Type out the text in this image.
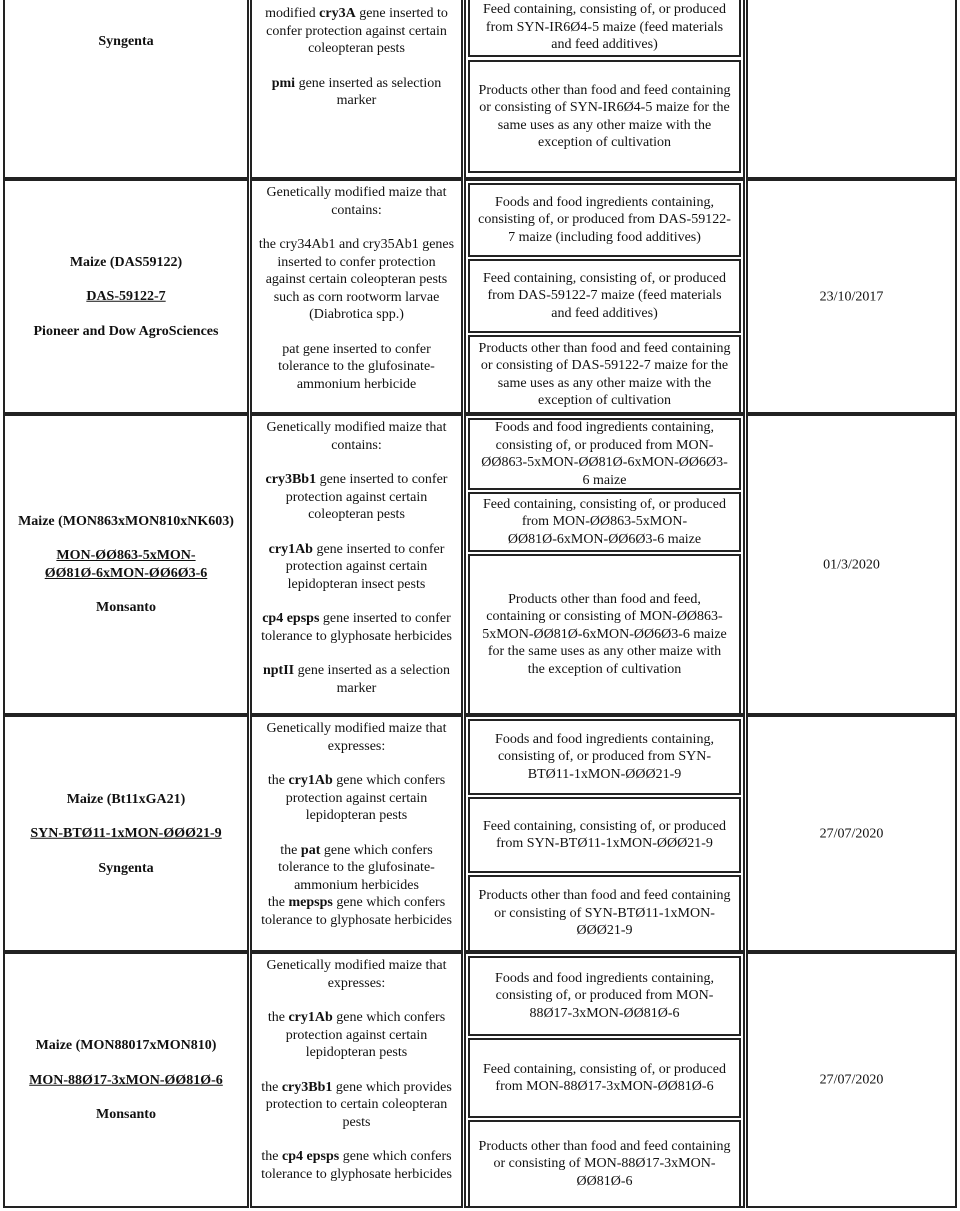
Syngenta

modified cry3A gene inserted to confer protection against certain coleopteran pests

pmi gene inserted as selection marker

Feed containing, consisting of, or produced from SYN-IR6Ø4-5 maize (feed materials and feed additives)
Products other than food and feed containing or consisting of SYN-IR6Ø4-5 maize for the same uses as any other maize with the exception of cultivation

Maize (DAS59122)

DAS-59122-7

Pioneer and Dow AgroSciences

Genetically modified maize that contains:

the cry34Ab1 and cry35Ab1 genes inserted to confer protection against certain coleopteran pests such as corn rootworm larvae (Diabrotica spp.)

pat gene inserted to confer tolerance to the glufosinate-ammonium herbicide

Foods and food ingredients containing, consisting of, or produced from DAS-59122-7 maize (including food additives)
Feed containing, consisting of, or produced from DAS-59122-7 maize (feed materials and feed additives)
Products other than food and feed containing or consisting of DAS-59122-7 maize for the same uses as any other maize with the exception of cultivation
23/10/2017

Maize (MON863xMON810xNK603)

MON-ØØ863-5xMON-ØØ81Ø-6xMON-ØØ6Ø3-6

Monsanto

Genetically modified maize that contains:

cry3Bb1 gene inserted to confer protection against certain coleopteran pests

cry1Ab gene inserted to confer protection against certain lepidopteran insect pests

cp4 epsps gene inserted to confer tolerance to glyphosate herbicides

nptII gene inserted as a selection marker

Foods and food ingredients containing, consisting of, or produced from MON-ØØ863-5xMON-ØØ81Ø-6xMON-ØØ6Ø3-6 maize
Feed containing, consisting of, or produced from MON-ØØ863-5xMON-ØØ81Ø-6xMON-ØØ6Ø3-6 maize
Products other than food and feed, containing or consisting of MON-ØØ863-5xMON-ØØ81Ø-6xMON-ØØ6Ø3-6 maize for the same uses as any other maize with the exception of cultivation
01/3/2020

Maize (Bt11xGA21)

SYN-BTØ11-1xMON-ØØØ21-9

Syngenta

Genetically modified maize that expresses:

the cry1Ab gene which confers protection against certain lepidopteran pests

the pat gene which confers tolerance to the glufosinate-ammonium herbicides

the mepsps gene which confers tolerance to glyphosate herbicides

Foods and food ingredients containing, consisting of, or produced from SYN-BTØ11-1xMON-ØØØ21-9
Feed containing, consisting of, or produced from SYN-BTØ11-1xMON-ØØØ21-9
Products other than food and feed containing or consisting of SYN-BTØ11-1xMON-ØØØ21-9
27/07/2020

Maize (MON88017xMON810)

MON-88Ø17-3xMON-ØØ81Ø-6

Monsanto

Genetically modified maize that expresses:

the cry1Ab gene which confers protection against certain lepidopteran pests

the cry3Bb1 gene which provides protection to certain coleopteran pests

the cp4 epsps gene which confers tolerance to glyphosate herbicides

Foods and food ingredients containing, consisting of, or produced from MON-88Ø17-3xMON-ØØ81Ø-6
Feed containing, consisting of, or produced from MON-88Ø17-3xMON-ØØ81Ø-6
Products other than food and feed containing or consisting of MON-88Ø17-3xMON-ØØ81Ø-6
27/07/2020
